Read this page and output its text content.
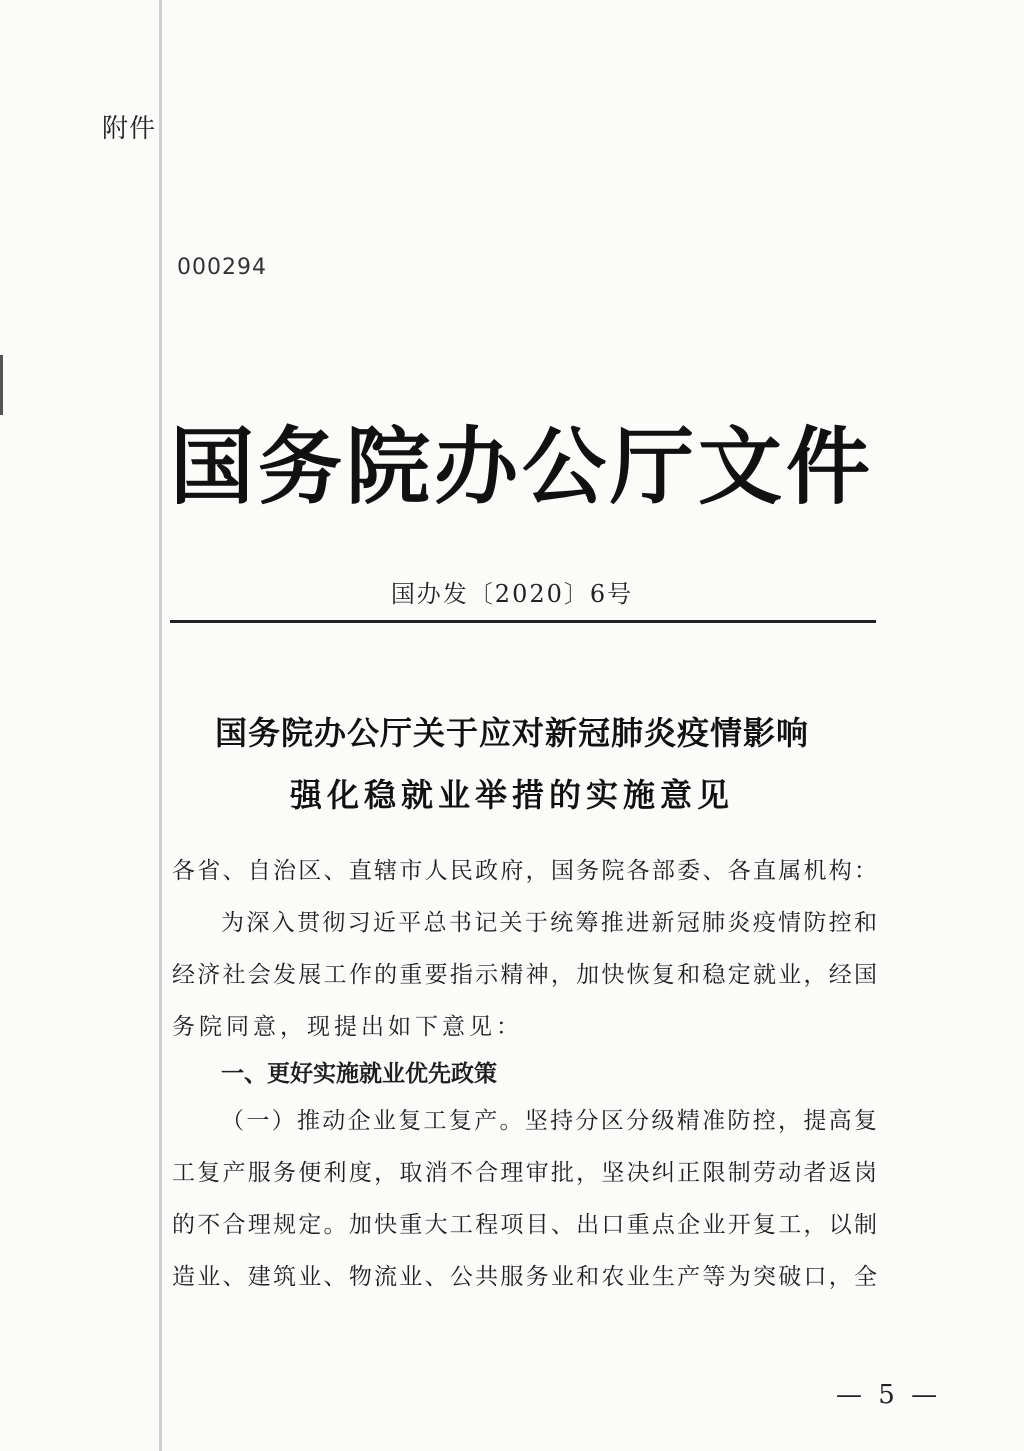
附件
000294
国务院办公厅文件
国办发〔2020〕6号
国务院办公厅关于应对新冠肺炎疫情影响
强化稳就业举措的实施意见
各省、自治区、直辖市人民政府，国务院各部委、各直属机构：
为深入贯彻习近平总书记关于统筹推进新冠肺炎疫情防控和
经济社会发展工作的重要指示精神，加快恢复和稳定就业，经国
务院同意，现提出如下意见：
一、更好实施就业优先政策
（一）推动企业复工复产。坚持分区分级精准防控，提高复
工复产服务便利度，取消不合理审批，坚决纠正限制劳动者返岗
的不合理规定。加快重大工程项目、出口重点企业开复工，以制
造业、建筑业、物流业、公共服务业和农业生产等为突破口，全
— 5 —
